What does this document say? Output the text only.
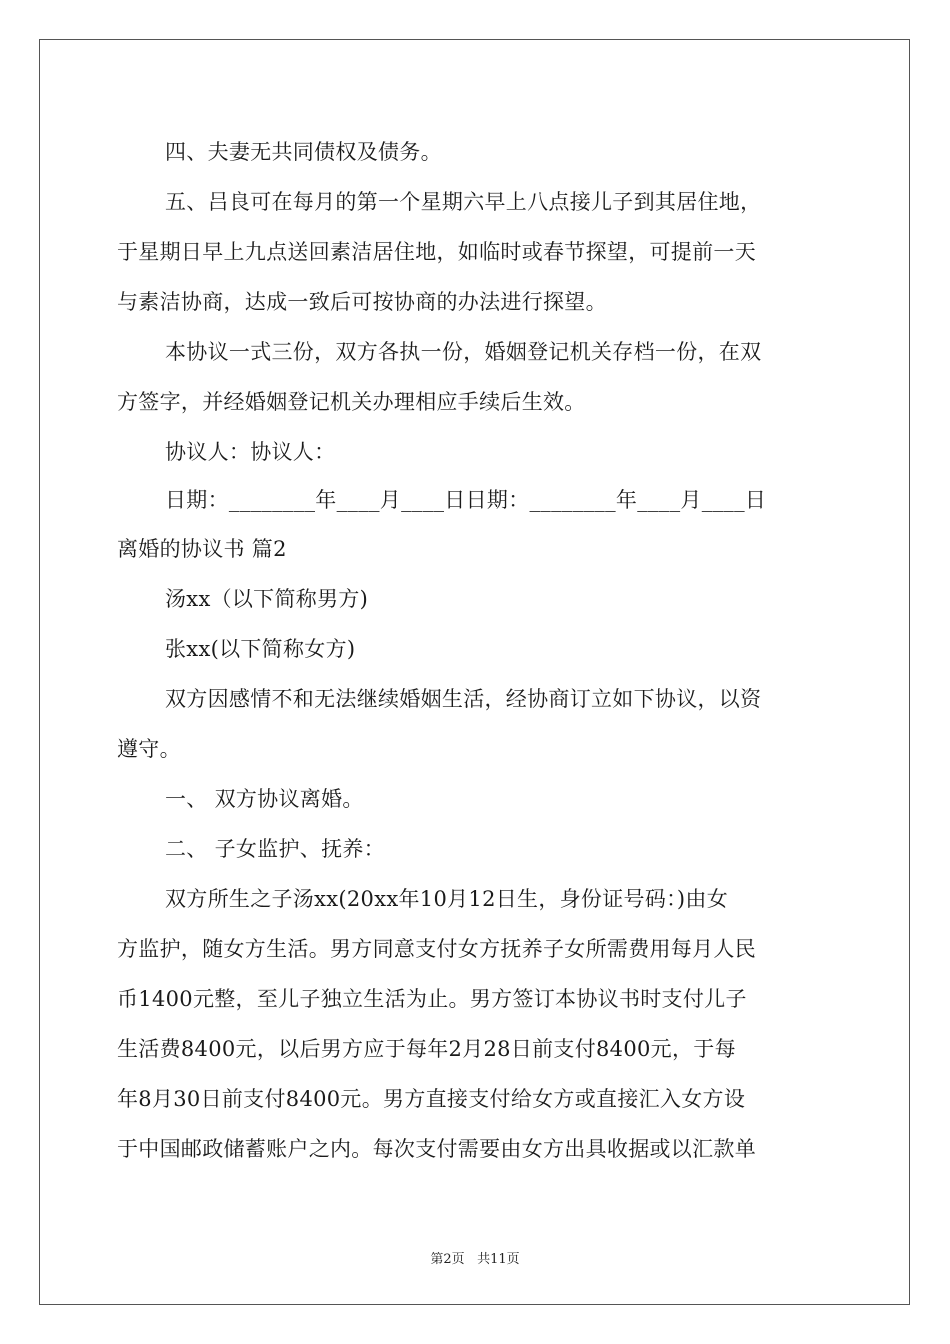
四、夫妻无共同债权及债务。
五、吕良可在每月的第一个星期六早上八点接儿子到其居住地，
于星期日早上九点送回素洁居住地，如临时或春节探望，可提前一天
与素洁协商，达成一致后可按协商的办法进行探望。
本协议一式三份，双方各执一份，婚姻登记机关存档一份，在双
方签字，并经婚姻登记机关办理相应手续后生效。
协议人：协议人：
日期：________年____月____日日期：________年____月____日
离婚的协议书 篇2
汤xx（以下简称男方)
张xx(以下简称女方)
双方因感情不和无法继续婚姻生活，经协商订立如下协议，以资
遵守。
一、 双方协议离婚。
二、 子女监护、抚养：
双方所生之子汤xx(20xx年10月12日生，身份证号码：)由女
方监护，随女方生活。男方同意支付女方抚养子女所需费用每月人民
币1400元整，至儿子独立生活为止。男方签订本协议书时支付儿子
生活费8400元，以后男方应于每年2月28日前支付8400元，于每
年8月30日前支付8400元。男方直接支付给女方或直接汇入女方设
于中国邮政储蓄账户之内。每次支付需要由女方出具收据或以汇款单
第2页 共11页
